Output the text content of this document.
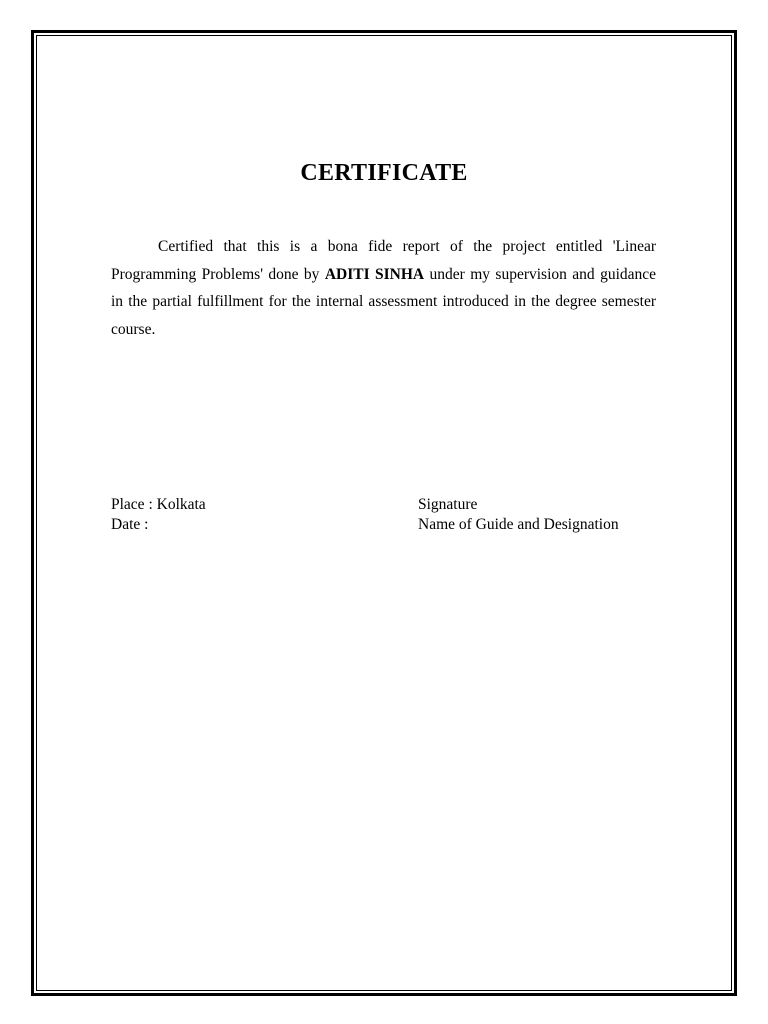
CERTIFICATE

Certified that this is a bona fide report of the project entitled 'Linear Programming Problems' done by ADITI SINHA under my supervision and guidance in the partial fulfillment for the internal assessment introduced in the degree semester course.

Place : Kolkata
Date :
Signature
Name of Guide and Designation
